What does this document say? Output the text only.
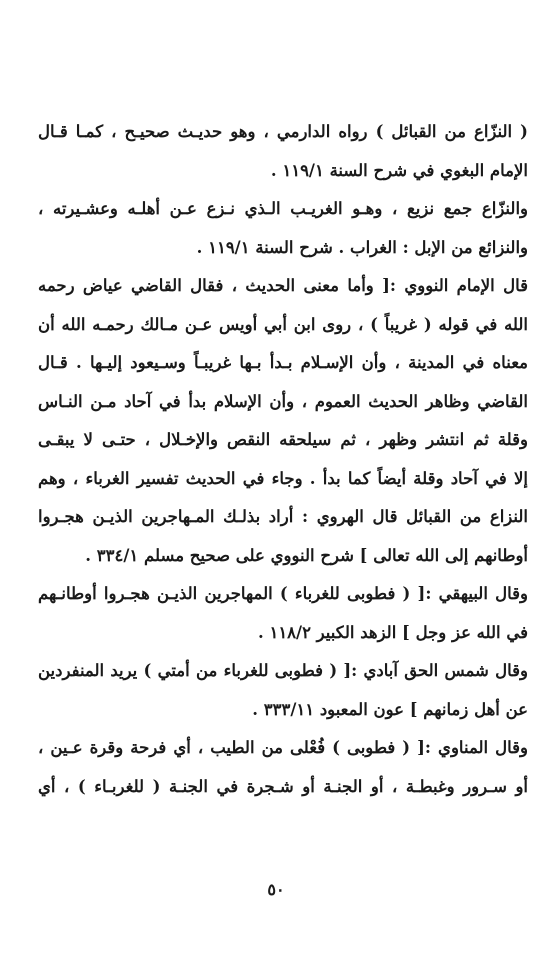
( النزّاع من القبائل ) رواه الدارمي ، وهو حديـث صحيـح ، كمـا قـال
الإمام البغوي في شرح السنة ١١٩/١ .
والنزّاع جمع نزيع ، وهـو الغريـب الـذي نـزع عـن أهلـه وعشـيرته ،
والنزائع من الإبل : الغراب . شرح السنة ١١٩/١ .
قال الإمام النووي :[ وأما معنى الحديث ، فقال القاضي عياض رحمه
الله في قوله ( غريباً ) ، روى ابن أبي أويس عـن مـالك رحمـه الله أن
معناه في المدينة ، وأن الإسـلام بـدأ بـها غريبـاً وسـيعود إليـها . قـال
القاضي وظاهر الحديث العموم ، وأن الإسلام بدأ في آحاد مـن النـاس
وقلة ثم انتشر وظهر ، ثم سيلحقه النقص والإخـلال ، حتـى لا يبقـى
إلا في آحاد وقلة أيضاً كما بدأ . وجاء في الحديث تفسير الغرباء ، وهم
النزاع من القبائل قال الهروي : أراد بذلـك المـهاجرين الذيـن هجـروا
أوطانهم إلى الله تعالى ] شرح النووي على صحيح مسلم ٣٣٤/١ .
وقال البيهقي :[ ( فطوبى للغرباء ) المهاجرين الذيـن هجـروا أوطانـهم
في الله عز وجل ] الزهد الكبير ١١٨/٢ .
وقال شمس الحق آبادي :[ ( فطوبى للغرباء من أمتي ) يريد المنفردين
عن أهل زمانهم ] عون المعبود ٣٣٣/١١ .
وقال المناوي :[ ( فطوبى ) فُعْلى من الطيب ، أي فرحة وقرة عـين ،
أو سـرور وغبطـة ، أو الجنـة أو شـجرة في الجنـة ( للغربـاء ) ، أي
٥٠
